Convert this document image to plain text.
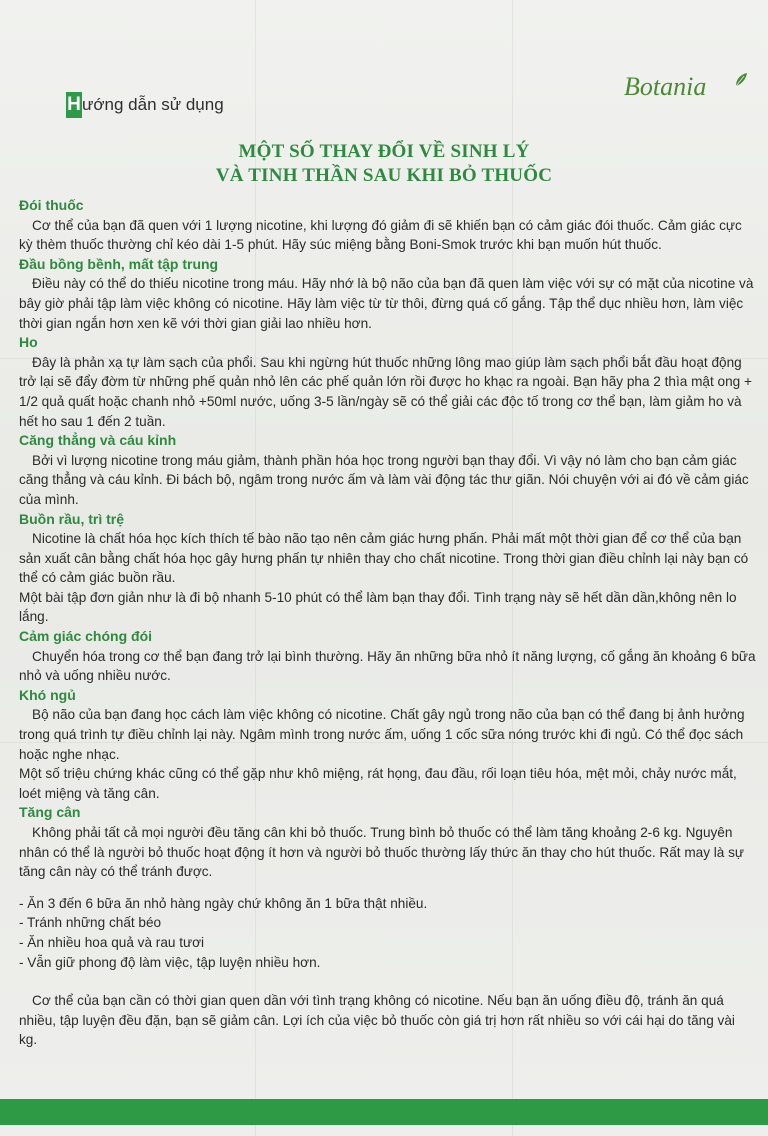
H ướng dẫn sử dụng
Botania
MỘT SỐ THAY ĐỔI VỀ SINH LÝ
VÀ TINH THẦN SAU KHI BỎ THUỐC
Đói thuốc

Cơ thể của bạn đã quen với 1 lượng nicotine, khi lượng đó giảm đi sẽ khiến bạn có cảm giác đói thuốc. Cảm giác cực kỳ thèm thuốc thường chỉ kéo dài 1-5 phút. Hãy súc miệng bằng Boni-Smok trước khi bạn muốn hút thuốc.

Đầu bồng bềnh, mất tập trung

Điều này có thể do thiếu nicotine trong máu. Hãy nhớ là bộ não của bạn đã quen làm việc với sự có mặt của nicotine và bây giờ phải tập làm việc không có nicotine. Hãy làm việc từ từ thôi, đừng quá cố gắng. Tập thể dục nhiều hơn, làm việc thời gian ngắn hơn xen kẽ với thời gian giải lao nhiều hơn.

Ho

Đây là phản xạ tự làm sạch của phổi. Sau khi ngừng hút thuốc những lông mao giúp làm sạch phổi bắt đầu hoạt động trở lại sẽ đẩy đờm từ những phế quản nhỏ lên các phế quản lớn rồi được ho khạc ra ngoài. Bạn hãy pha 2 thìa mật ong + 1/2 quả quất hoặc chanh nhỏ +50ml nước, uống 3-5 lần/ngày sẽ có thể giải các độc tố trong cơ thể bạn, làm giảm ho và hết ho sau 1 đến 2 tuần.

Căng thẳng và cáu kỉnh

Bởi vì lượng nicotine trong máu giảm, thành phần hóa học trong người bạn thay đổi. Vì vậy nó làm cho bạn cảm giác căng thẳng và cáu kỉnh. Đi bách bộ, ngâm trong nước ấm và làm vài động tác thư giãn. Nói chuyện với ai đó về cảm giác của mình.

Buồn rầu, trì trệ

Nicotine là chất hóa học kích thích tế bào não tạo nên cảm giác hưng phấn. Phải mất một thời gian để cơ thể của bạn sản xuất cân bằng chất hóa học gây hưng phấn tự nhiên thay cho chất nicotine. Trong thời gian điều chỉnh lại này bạn có thể có cảm giác buồn rầu.

Một bài tập đơn giản như là đi bộ nhanh 5-10 phút có thể làm bạn thay đổi. Tình trạng này sẽ hết dần dần,không nên lo lắng.

Cảm giác chóng đói

Chuyển hóa trong cơ thể bạn đang trở lại bình thường. Hãy ăn những bữa nhỏ ít năng lượng, cố gắng ăn khoảng 6 bữa nhỏ và uống nhiều nước.

Khó ngủ

Bộ não của bạn đang học cách làm việc không có nicotine. Chất gây ngủ trong não của bạn có thể đang bị ảnh hưởng trong quá trình tự điều chỉnh lại này. Ngâm mình trong nước ấm, uống 1 cốc sữa nóng trước khi đi ngủ. Có thể đọc sách hoặc nghe nhạc.

Một số triệu chứng khác cũng có thể gặp như khô miệng, rát họng, đau đầu, rối loạn tiêu hóa, mệt mỏi, chảy nước mắt, loét miệng và tăng cân.

Tăng cân

Không phải tất cả mọi người đều tăng cân khi bỏ thuốc. Trung bình bỏ thuốc có thể làm tăng khoảng 2-6 kg. Nguyên nhân có thể là người bỏ thuốc hoạt động ít hơn và người bỏ thuốc thường lấy thức ăn thay cho hút thuốc. Rất may là sự tăng cân này có thể tránh được.

- Ăn 3 đến 6 bữa ăn nhỏ hàng ngày chứ không ăn 1 bữa thật nhiều.
- Tránh những chất béo
- Ăn nhiều hoa quả và rau tươi
- Vẫn giữ phong độ làm việc, tập luyện nhiều hơn.

Cơ thể của bạn cần có thời gian quen dần với tình trạng không có nicotine. Nếu bạn ăn uống điều độ, tránh ăn quá nhiều, tập luyện đều đặn, bạn sẽ giảm cân. Lợi ích của việc bỏ thuốc còn giá trị hơn rất nhiều so với cái hại do tăng vài kg.
